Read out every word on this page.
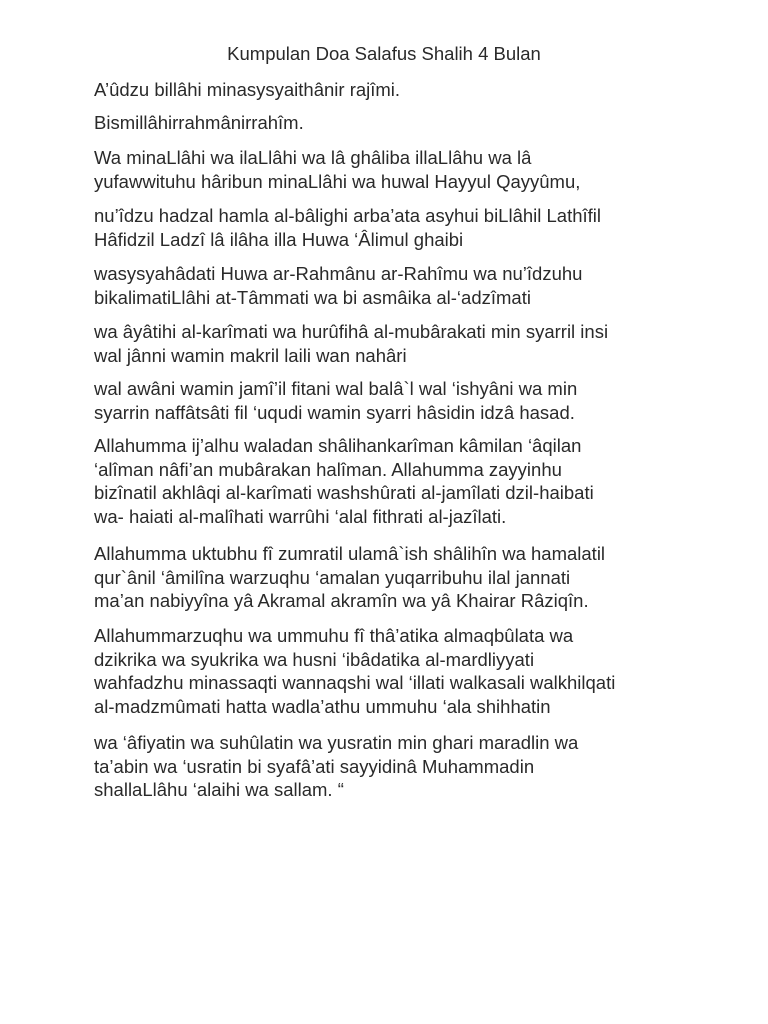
Kumpulan Doa Salafus Shalih 4 Bulan

A’ûdzu billâhi minasysyaithânir rajîmi.

Bismillâhirrahmânirrahîm.

Wa minaLlâhi wa ilaLlâhi wa lâ ghâliba illaLlâhu wa lâ
yufawwituhu hâribun minaLlâhi wa huwal Hayyul Qayyûmu,

nu’îdzu hadzal hamla al-bâlighi arba’ata asyhui biLlâhil Lathîfil
Hâfidzil Ladzî lâ ilâha illa Huwa ‘Âlimul ghaibi

wasysyahâdati Huwa ar-Rahmânu ar-Rahîmu wa nu’îdzuhu
bikalimatiLlâhi at-Tâmmati wa bi asmâika al-‘adzîmati

wa âyâtihi al-karîmati wa hurûfihâ al-mubârakati min syarril insi
wal jânni wamin makril laili wan nahâri

wal awâni wamin jamî’il fitani wal balâ`l wal ‘ishyâni wa min
syarrin naffâtsâti fil ‘uqudi wamin syarri hâsidin idzâ hasad.

Allahumma ij’alhu waladan shâlihankarîman kâmilan ‘âqilan
‘alîman nâfi’an mubârakan halîman. Allahumma zayyinhu
bizînatil akhlâqi al-karîmati washshûrati al-jamîlati dzil-haibati
wa- haiati al-malîhati warrûhi ‘alal fithrati al-jazîlati.

Allahumma uktubhu fî zumratil ulamâ`ish shâlihîn wa hamalatil
qur`ânil ‘âmilîna warzuqhu ‘amalan yuqarribuhu ilal jannati
ma’an nabiyyîna yâ Akramal akramîn wa yâ Khairar Râziqîn.

Allahummarzuqhu wa ummuhu fî thâ’atika almaqbûlata wa
dzikrika wa syukrika wa husni ‘ibâdatika al-mardliyyati
wahfadzhu minassaqti wannaqshi wal ‘illati walkasali walkhilqati
al-madzmûmati hatta wadla’athu ummuhu ‘ala shihhatin

wa ‘âfiyatin wa suhûlatin wa yusratin min ghari maradlin wa
ta’abin wa ‘usratin bi syafâ’ati sayyidinâ Muhammadin
shallaLlâhu ‘alaihi wa sallam. “
